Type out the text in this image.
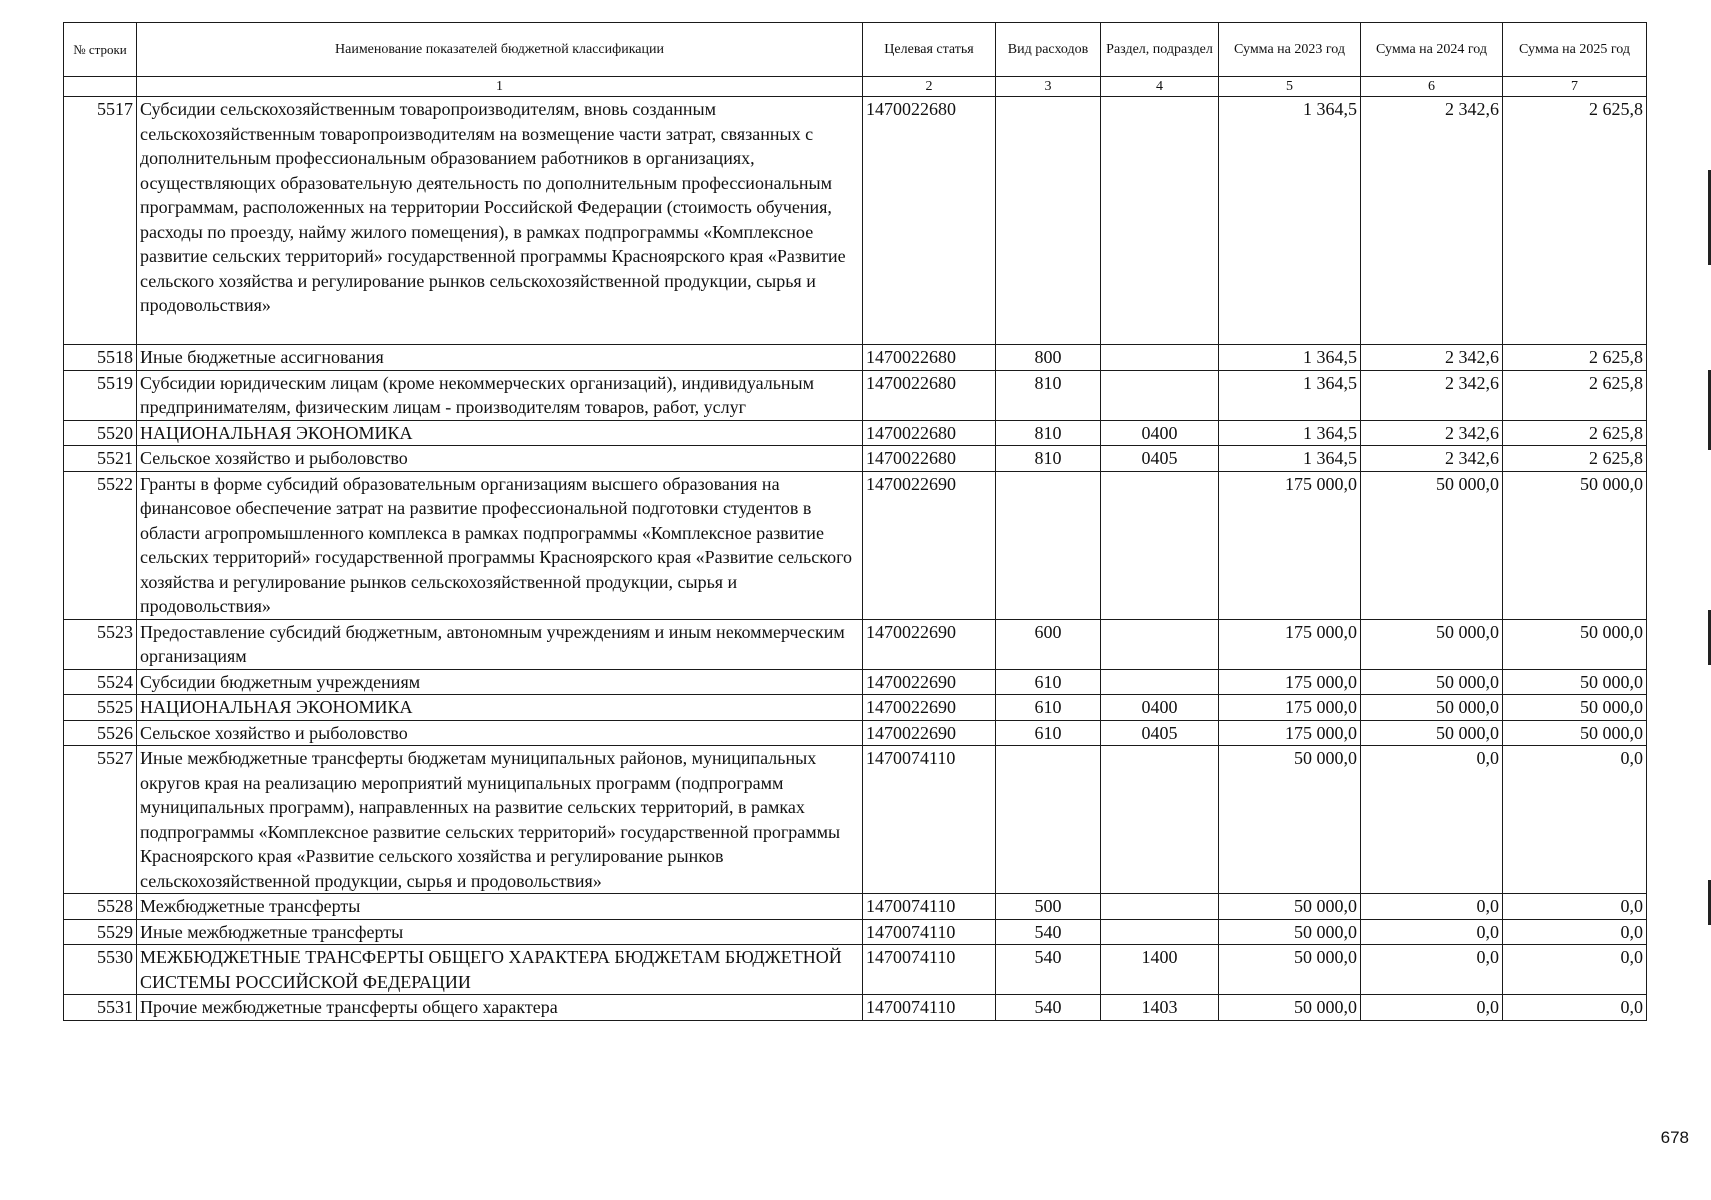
№ строки	Наименование показателей бюджетной классификации	Целевая статья	Вид расходов	Раздел, подраздел	Сумма на 2023 год	Сумма на 2024 год	Сумма на 2025 год
	1	2	3	4	5	6	7
5517	Субсидии сельскохозяйственным товаропроизводителям, вновь созданным сельскохозяйственным товаропроизводителям на возмещение части затрат, связанных с дополнительным профессиональным образованием работников в организациях, осуществляющих образовательную деятельность по дополнительным профессиональным программам, расположенных на территории Российской Федерации (стоимость обучения, расходы по проезду, найму жилого помещения), в рамках подпрограммы «Комплексное развитие сельских территорий» государственной программы Красноярского края «Развитие сельского хозяйства и регулирование рынков сельскохозяйственной продукции, сырья и продовольствия»	1470022680			1 364,5	2 342,6	2 625,8
5518	Иные бюджетные ассигнования	1470022680	800		1 364,5	2 342,6	2 625,8
5519	Субсидии юридическим лицам (кроме некоммерческих организаций), индивидуальным предпринимателям, физическим лицам - производителям товаров, работ, услуг	1470022680	810		1 364,5	2 342,6	2 625,8
5520	НАЦИОНАЛЬНАЯ ЭКОНОМИКА	1470022680	810	0400	1 364,5	2 342,6	2 625,8
5521	Сельское хозяйство и рыболовство	1470022680	810	0405	1 364,5	2 342,6	2 625,8
5522	Гранты в форме субсидий образовательным организациям высшего образования на финансовое обеспечение затрат на развитие профессиональной подготовки студентов в области агропромышленного комплекса в рамках подпрограммы «Комплексное развитие сельских территорий» государственной программы Красноярского края «Развитие сельского хозяйства и регулирование рынков сельскохозяйственной продукции, сырья и продовольствия»	1470022690			175 000,0	50 000,0	50 000,0
5523	Предоставление субсидий бюджетным, автономным учреждениям и иным некоммерческим организациям	1470022690	600		175 000,0	50 000,0	50 000,0
5524	Субсидии бюджетным учреждениям	1470022690	610		175 000,0	50 000,0	50 000,0
5525	НАЦИОНАЛЬНАЯ ЭКОНОМИКА	1470022690	610	0400	175 000,0	50 000,0	50 000,0
5526	Сельское хозяйство и рыболовство	1470022690	610	0405	175 000,0	50 000,0	50 000,0
5527	Иные межбюджетные трансферты бюджетам муниципальных районов, муниципальных округов края на реализацию мероприятий муниципальных программ (подпрограмм муниципальных программ), направленных на развитие сельских территорий, в рамках подпрограммы «Комплексное развитие сельских территорий» государственной программы Красноярского края «Развитие сельского хозяйства и регулирование рынков сельскохозяйственной продукции, сырья и продовольствия»	1470074110			50 000,0	0,0	0,0
5528	Межбюджетные трансферты	1470074110	500		50 000,0	0,0	0,0
5529	Иные межбюджетные трансферты	1470074110	540		50 000,0	0,0	0,0
5530	МЕЖБЮДЖЕТНЫЕ ТРАНСФЕРТЫ ОБЩЕГО ХАРАКТЕРА БЮДЖЕТАМ БЮДЖЕТНОЙ СИСТЕМЫ РОССИЙСКОЙ ФЕДЕРАЦИИ	1470074110	540	1400	50 000,0	0,0	0,0
5531	Прочие межбюджетные трансферты общего характера	1470074110	540	1403	50 000,0	0,0	0,0
678
